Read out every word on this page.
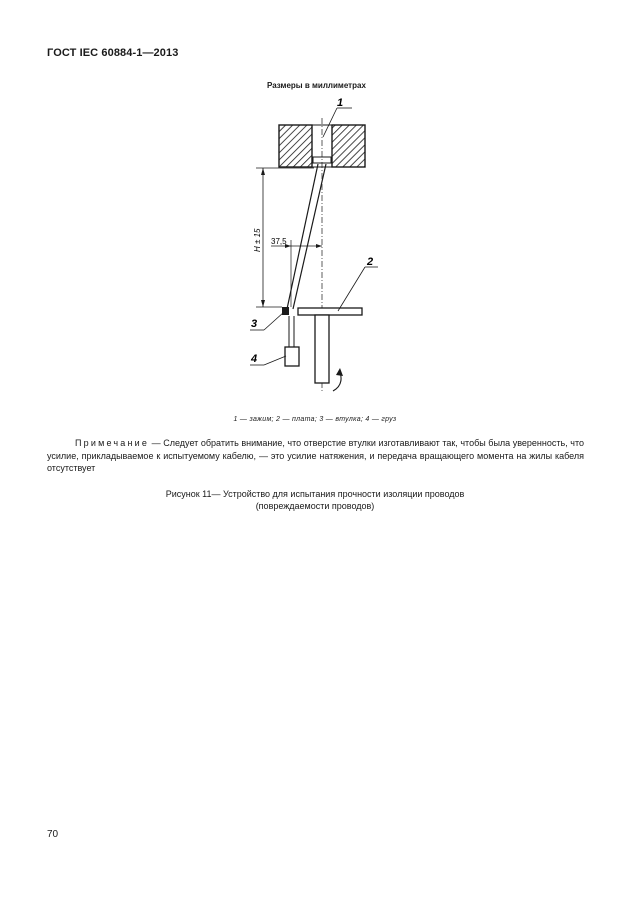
ГОСТ IEC 60884-1—2013
Размеры в миллиметрах
H ± 15 37,5
1
2
3
4
1 — зажим; 2 — плата; 3 — втулка; 4 — груз
Примечание — Следует обратить внимание, что отверстие втулки изготавливают так, чтобы была уверенность, что усилие, прикладываемое к испытуемому кабелю, — это усилие натяжения, и передача вращающего момента на жилы кабеля отсутствует
Рисунок 11— Устройство для испытания прочности изоляции проводов
(повреждаемости проводов)
70
